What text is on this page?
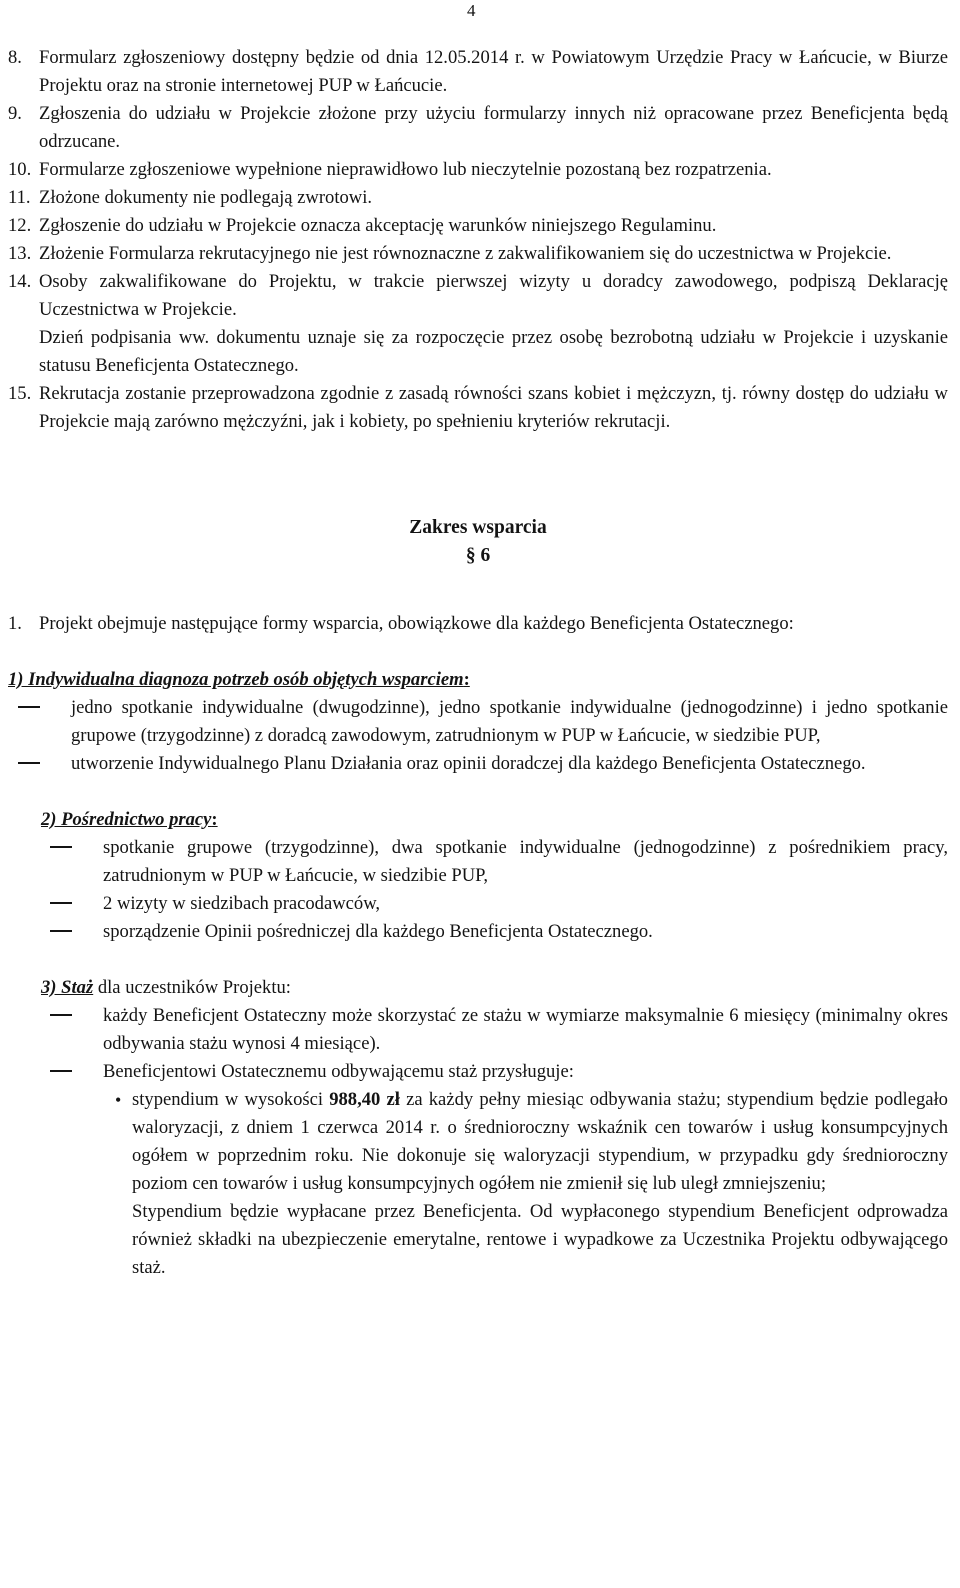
4
8. Formularz zgłoszeniowy dostępny będzie od dnia 12.05.2014 r. w Powiatowym Urzędzie Pracy w Łańcucie, w Biurze Projektu oraz na stronie internetowej PUP w Łańcucie.
9. Zgłoszenia do udziału w Projekcie złożone przy użyciu formularzy innych niż opracowane przez Beneficjenta będą odrzucane.
10. Formularze zgłoszeniowe wypełnione nieprawidłowo lub nieczytelnie pozostaną bez rozpatrzenia.
11. Złożone dokumenty nie podlegają zwrotowi.
12. Zgłoszenie do udziału w Projekcie oznacza akceptację warunków niniejszego Regulaminu.
13. Złożenie Formularza rekrutacyjnego nie jest równoznaczne z zakwalifikowaniem się do uczestnictwa w Projekcie.
14. Osoby zakwalifikowane do Projektu, w trakcie pierwszej wizyty u doradcy zawodowego, podpiszą Deklarację Uczestnictwa w Projekcie.
Dzień podpisania ww. dokumentu uznaje się za rozpoczęcie przez osobę bezrobotną udziału w Projekcie i uzyskanie statusu Beneficjenta Ostatecznego.
15. Rekrutacja zostanie przeprowadzona zgodnie z zasadą równości szans kobiet i mężczyzn, tj. równy dostęp do udziału w Projekcie mają zarówno mężczyźni, jak i kobiety, po spełnieniu kryteriów rekrutacji.
Zakres wsparcia
§ 6
1. Projekt obejmuje następujące formy wsparcia, obowiązkowe dla każdego Beneficjenta Ostatecznego:
1) Indywidualna diagnoza potrzeb osób objętych wsparciem:
jedno spotkanie indywidualne (dwugodzinne), jedno spotkanie indywidualne (jednogodzinne) i jedno spotkanie grupowe (trzygodzinne) z doradcą zawodowym, zatrudnionym w PUP w Łańcucie, w siedzibie PUP,
utworzenie Indywidualnego Planu Działania oraz opinii doradczej dla każdego Beneficjenta Ostatecznego.
2) Pośrednictwo pracy:
spotkanie grupowe (trzygodzinne), dwa spotkanie indywidualne (jednogodzinne) z pośrednikiem pracy, zatrudnionym w PUP w Łańcucie, w siedzibie PUP,
2 wizyty w siedzibach pracodawców,
sporządzenie Opinii pośredniczej dla każdego Beneficjenta Ostatecznego.
3) Staż dla uczestników Projektu:
każdy Beneficjent Ostateczny może skorzystać ze stażu w wymiarze maksymalnie 6 miesięcy (minimalny okres odbywania stażu wynosi 4 miesiące).
Beneficjentowi Ostatecznemu odbywającemu staż przysługuje:
• stypendium w wysokości 988,40 zł za każdy pełny miesiąc odbywania stażu; stypendium będzie podlegało waloryzacji, z dniem 1 czerwca 2014 r. o średnioroczny wskaźnik cen towarów i usług konsumpcyjnych ogółem w poprzednim roku. Nie dokonuje się waloryzacji stypendium, w przypadku gdy średnioroczny poziom cen towarów i usług konsumpcyjnych ogółem nie zmienił się lub uległ zmniejszeniu;
Stypendium będzie wypłacane przez Beneficjenta. Od wypłaconego stypendium Beneficjent odprowadza również składki na ubezpieczenie emerytalne, rentowe i wypadkowe za Uczestnika Projektu odbywającego staż.
